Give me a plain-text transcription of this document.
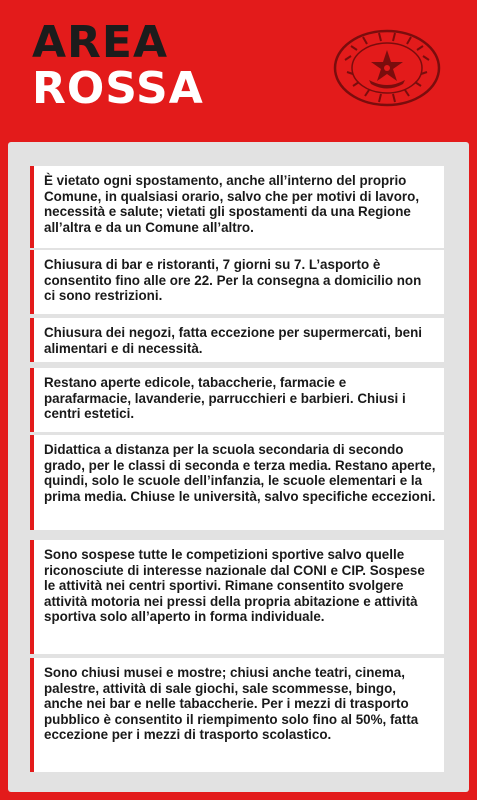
AREA
ROSSA

È vietato ogni spostamento, anche all’interno del proprio Comune, in qualsiasi orario, salvo che per motivi di lavoro, necessità e salute; vietati gli spostamenti da una Regione all’altra e da un Comune all’altro.

Chiusura di bar e ristoranti, 7 giorni su 7. L’asporto è consentito fino alle ore 22. Per la consegna a domicilio non ci sono restrizioni.

Chiusura dei negozi, fatta eccezione per supermercati, beni alimentari e di necessità.

Restano aperte edicole, tabaccherie, farmacie e parafarmacie, lavanderie, parrucchieri e barbieri. Chiusi i centri estetici.

Didattica a distanza per la scuola secondaria di secondo grado, per le classi di seconda e terza media. Restano aperte, quindi, solo le scuole dell’infanzia, le scuole elementari e la prima media. Chiuse le università, salvo specifiche eccezioni.

Sono sospese tutte le competizioni sportive salvo quelle riconosciute di interesse nazionale dal CONI e CIP. Sospese le attività nei centri sportivi. Rimane consentito svolgere attività motoria nei pressi della propria abitazione e attività sportiva solo all’aperto in forma individuale.

Sono chiusi musei e mostre; chiusi anche teatri, cinema, palestre, attività di sale giochi, sale scommesse, bingo, anche nei bar e nelle tabaccherie. Per i mezzi di trasporto pubblico è consentito il riempimento solo fino al 50%, fatta eccezione per i mezzi di trasporto scolastico.
